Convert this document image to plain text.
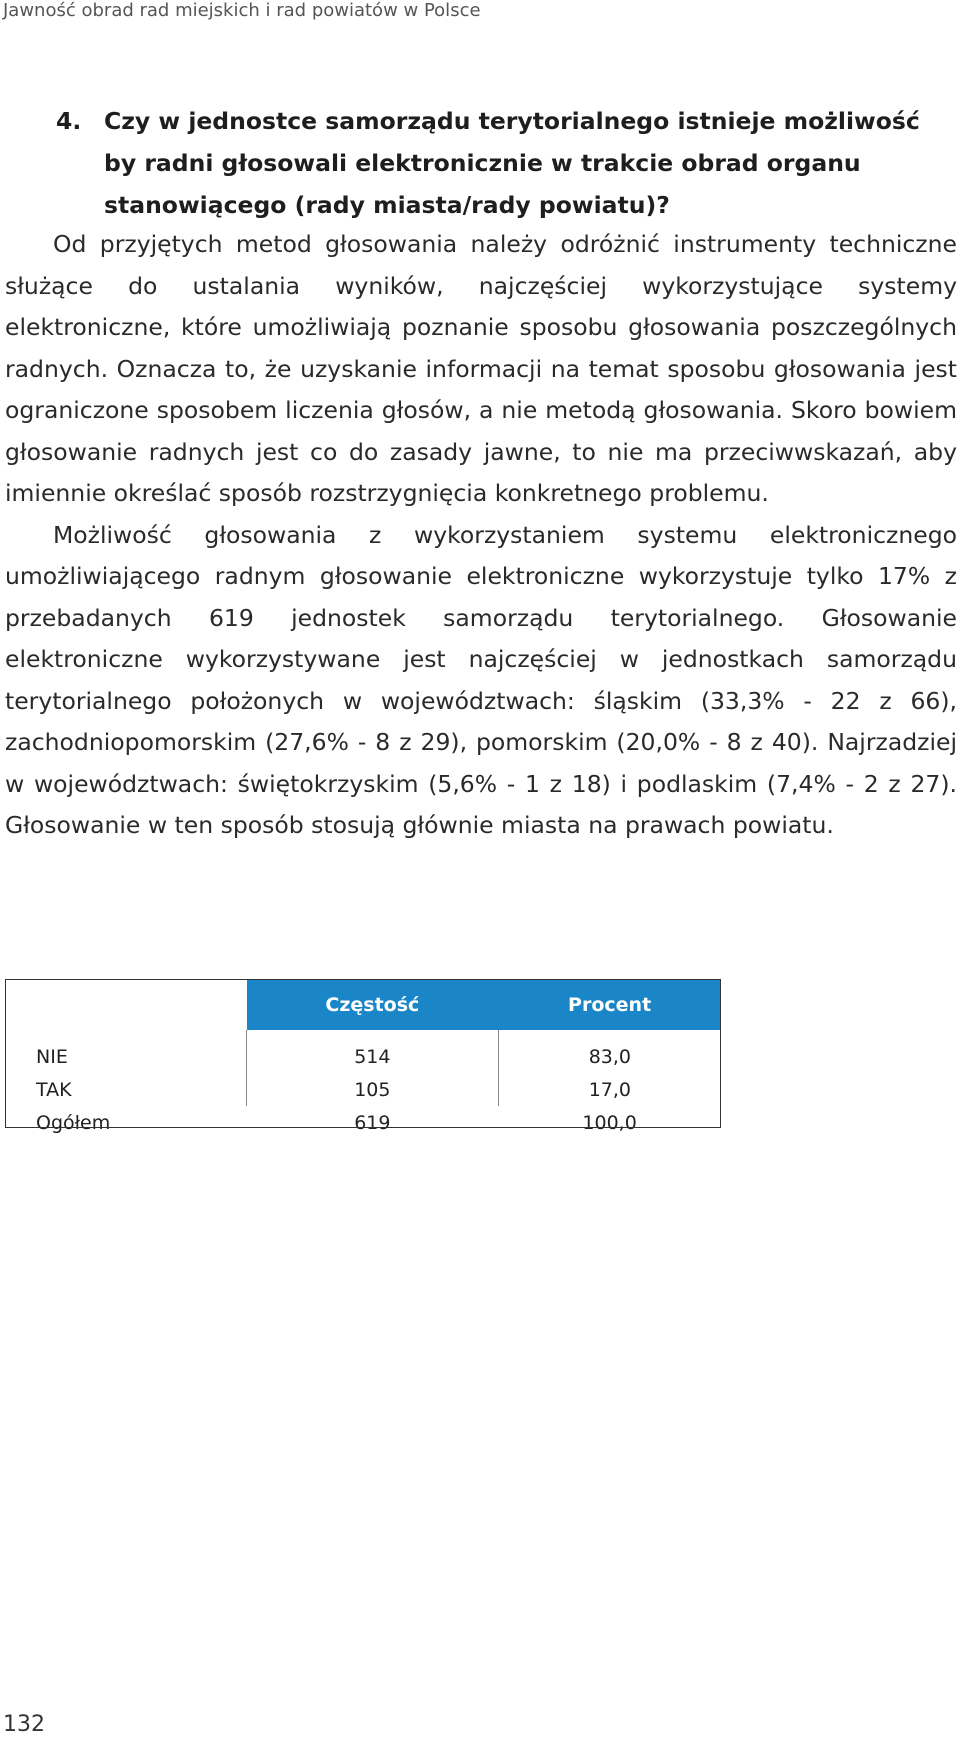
Jawność obrad rad miejskich i rad powiatów w Polsce
4. Czy w jednostce samorządu terytorialnego istnieje możliwość by radni głosowali elektronicznie w trakcie obrad organu stanowiącego (rady miasta/rady powiatu)?

Od przyjętych metod głosowania należy odróżnić instrumenty techniczne służące do ustalania wyników, najczęściej wykorzystujące systemy elektroniczne, które umożliwiają poznanie sposobu głosowania poszczególnych radnych. Oznacza to, że uzyskanie informacji na temat sposobu głosowania jest ograniczone sposobem liczenia głosów, a nie metodą głosowania. Skoro bowiem głosowanie radnych jest co do zasady jawne, to nie ma przeciwwskazań, aby imiennie określać sposób rozstrzygnięcia konkretnego problemu.

Możliwość głosowania z wykorzystaniem systemu elektronicznego umożliwiającego radnym głosowanie elektroniczne wykorzystuje tylko 17% z przebadanych 619 jednostek samorządu terytorialnego. Głosowanie elektroniczne wykorzystywane jest najczęściej w jednostkach samorządu terytorialnego położonych w województwach: śląskim (33,3% - 22 z 66), zachodniopomorskim (27,6% - 8 z 29), pomorskim (20,0% - 8 z 40). Najrzadziej w województwach: świętokrzyskim (5,6% - 1 z 18) i podlaskim (7,4% - 2 z 27). Głosowanie w ten sposób stosują głównie miasta na prawach powiatu.

	Częstość	Procent
NIE	514	83,0
TAK	105	17,0
Ogółem	619	100,0
132
